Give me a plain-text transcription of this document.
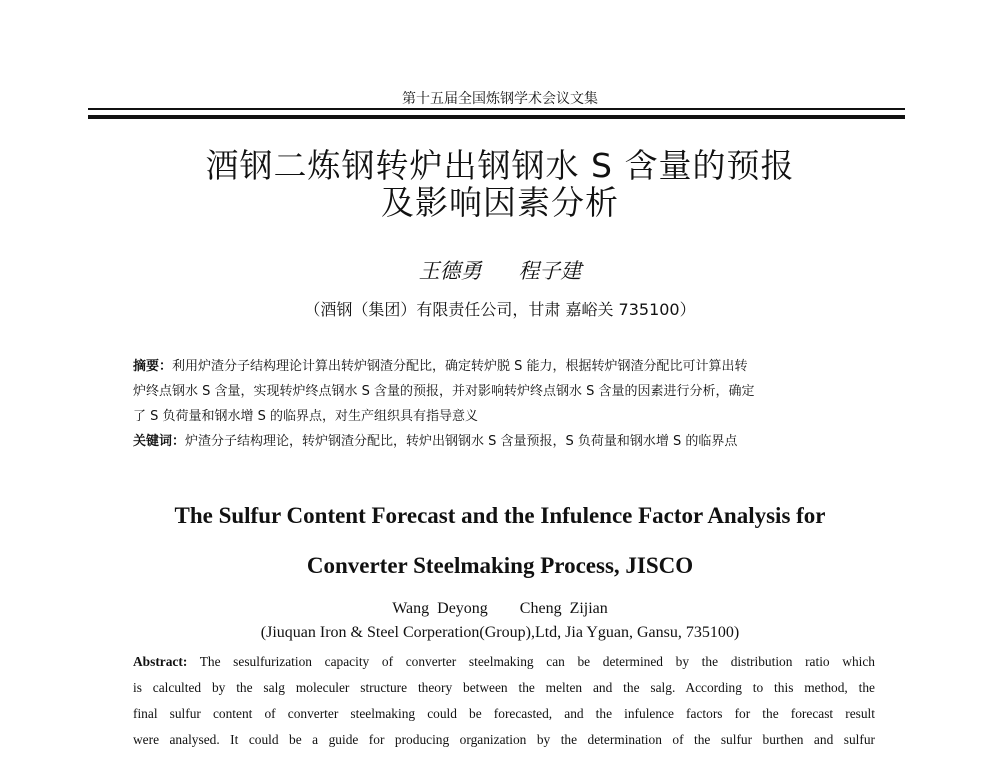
第十五届全国炼钢学术会议文集
酒钢二炼钢转炉出钢钢水 S 含量的预报
及影响因素分析
王德勇 程子建
（酒钢（集团）有限责任公司，甘肃 嘉峪关 735100）
摘要：利用炉渣分子结构理论计算出转炉钢渣分配比，确定转炉脱 S 能力，根据转炉钢渣分配比可计算出转
炉终点钢水 S 含量，实现转炉终点钢水 S 含量的预报，并对影响转炉终点钢水 S 含量的因素进行分析，确定
了 S 负荷量和钢水增 S 的临界点，对生产组织具有指导意义
关键词：炉渣分子结构理论，转炉钢渣分配比，转炉出钢钢水 S 含量预报，S 负荷量和钢水增 S 的临界点
The Sulfur Content Forecast and the Infulence Factor Analysis for
Converter Steelmaking Process, JISCO
Wang Deyong    Cheng Zijian
(Jiuquan Iron & Steel Corperation(Group),Ltd, Jia Yguan, Gansu, 735100)
Abstract: The sesulfurization capacity of converter steelmaking can be determined by the distribution ratio which
is calculted by the salg moleculer structure theory between the melten and the salg. According to this method, the
final sulfur content of converter steelmaking could be forecasted, and the infulence factors for the forecast result
were analysed. It could be a guide for producing organization by the determination of the sulfur burthen and sulfur
